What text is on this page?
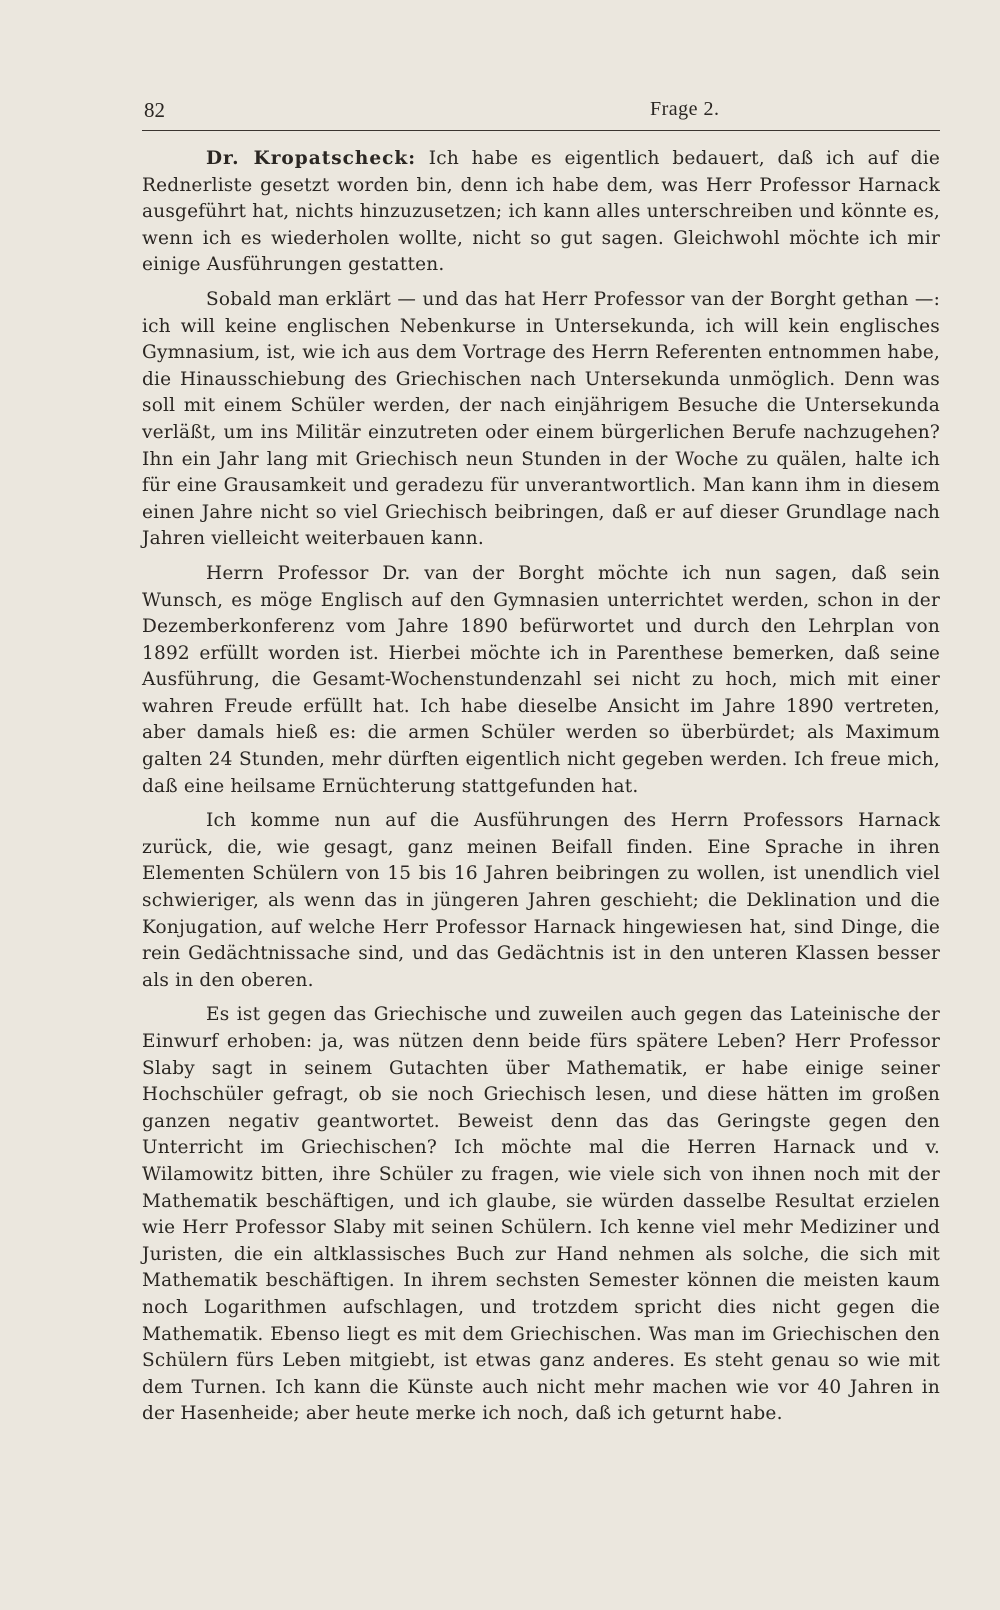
82	Frage 2.

Dr. Kropatscheck: Ich habe es eigentlich bedauert, daß ich auf die Rednerliste gesetzt worden bin, denn ich habe dem, was Herr Professor Harnack ausgeführt hat, nichts hinzuzusetzen; ich kann alles unterschreiben und könnte es, wenn ich es wiederholen wollte, nicht so gut sagen. Gleichwohl möchte ich mir einige Ausführungen gestatten.

Sobald man erklärt — und das hat Herr Professor van der Borght gethan —: ich will keine englischen Nebenkurse in Untersekunda, ich will kein englisches Gymnasium, ist, wie ich aus dem Vortrage des Herrn Referenten entnommen habe, die Hinausschiebung des Griechischen nach Untersekunda unmöglich. Denn was soll mit einem Schüler werden, der nach einjährigem Besuche die Untersekunda verläßt, um ins Militär einzutreten oder einem bürgerlichen Berufe nachzugehen? Ihn ein Jahr lang mit Griechisch neun Stunden in der Woche zu quälen, halte ich für eine Grausamkeit und geradezu für unverantwortlich. Man kann ihm in diesem einen Jahre nicht so viel Griechisch beibringen, daß er auf dieser Grundlage nach Jahren vielleicht weiterbauen kann.

Herrn Professor Dr. van der Borght möchte ich nun sagen, daß sein Wunsch, es möge Englisch auf den Gymnasien unterrichtet werden, schon in der Dezemberkonferenz vom Jahre 1890 befürwortet und durch den Lehrplan von 1892 erfüllt worden ist. Hierbei möchte ich in Parenthese bemerken, daß seine Ausführung, die Gesamt-Wochenstundenzahl sei nicht zu hoch, mich mit einer wahren Freude erfüllt hat. Ich habe dieselbe Ansicht im Jahre 1890 vertreten, aber damals hieß es: die armen Schüler werden so überbürdet; als Maximum galten 24 Stunden, mehr dürften eigentlich nicht gegeben werden. Ich freue mich, daß eine heilsame Ernüchterung stattgefunden hat.

Ich komme nun auf die Ausführungen des Herrn Professors Harnack zurück, die, wie gesagt, ganz meinen Beifall finden. Eine Sprache in ihren Elementen Schülern von 15 bis 16 Jahren beibringen zu wollen, ist unendlich viel schwieriger, als wenn das in jüngeren Jahren geschieht; die Deklination und die Konjugation, auf welche Herr Professor Harnack hingewiesen hat, sind Dinge, die rein Gedächtnissache sind, und das Gedächtnis ist in den unteren Klassen besser als in den oberen.

Es ist gegen das Griechische und zuweilen auch gegen das Lateinische der Einwurf erhoben: ja, was nützen denn beide fürs spätere Leben? Herr Professor Slaby sagt in seinem Gutachten über Mathematik, er habe einige seiner Hochschüler gefragt, ob sie noch Griechisch lesen, und diese hätten im großen ganzen negativ geantwortet. Beweist denn das das Geringste gegen den Unterricht im Griechischen? Ich möchte mal die Herren Harnack und v. Wilamowitz bitten, ihre Schüler zu fragen, wie viele sich von ihnen noch mit der Mathematik beschäftigen, und ich glaube, sie würden dasselbe Resultat erzielen wie Herr Professor Slaby mit seinen Schülern. Ich kenne viel mehr Mediziner und Juristen, die ein altklassisches Buch zur Hand nehmen als solche, die sich mit Mathematik beschäftigen. In ihrem sechsten Semester können die meisten kaum noch Logarithmen aufschlagen, und trotzdem spricht dies nicht gegen die Mathematik. Ebenso liegt es mit dem Griechischen. Was man im Griechischen den Schülern fürs Leben mitgiebt, ist etwas ganz anderes. Es steht genau so wie mit dem Turnen. Ich kann die Künste auch nicht mehr machen wie vor 40 Jahren in der Hasenheide; aber heute merke ich noch, daß ich geturnt habe.
